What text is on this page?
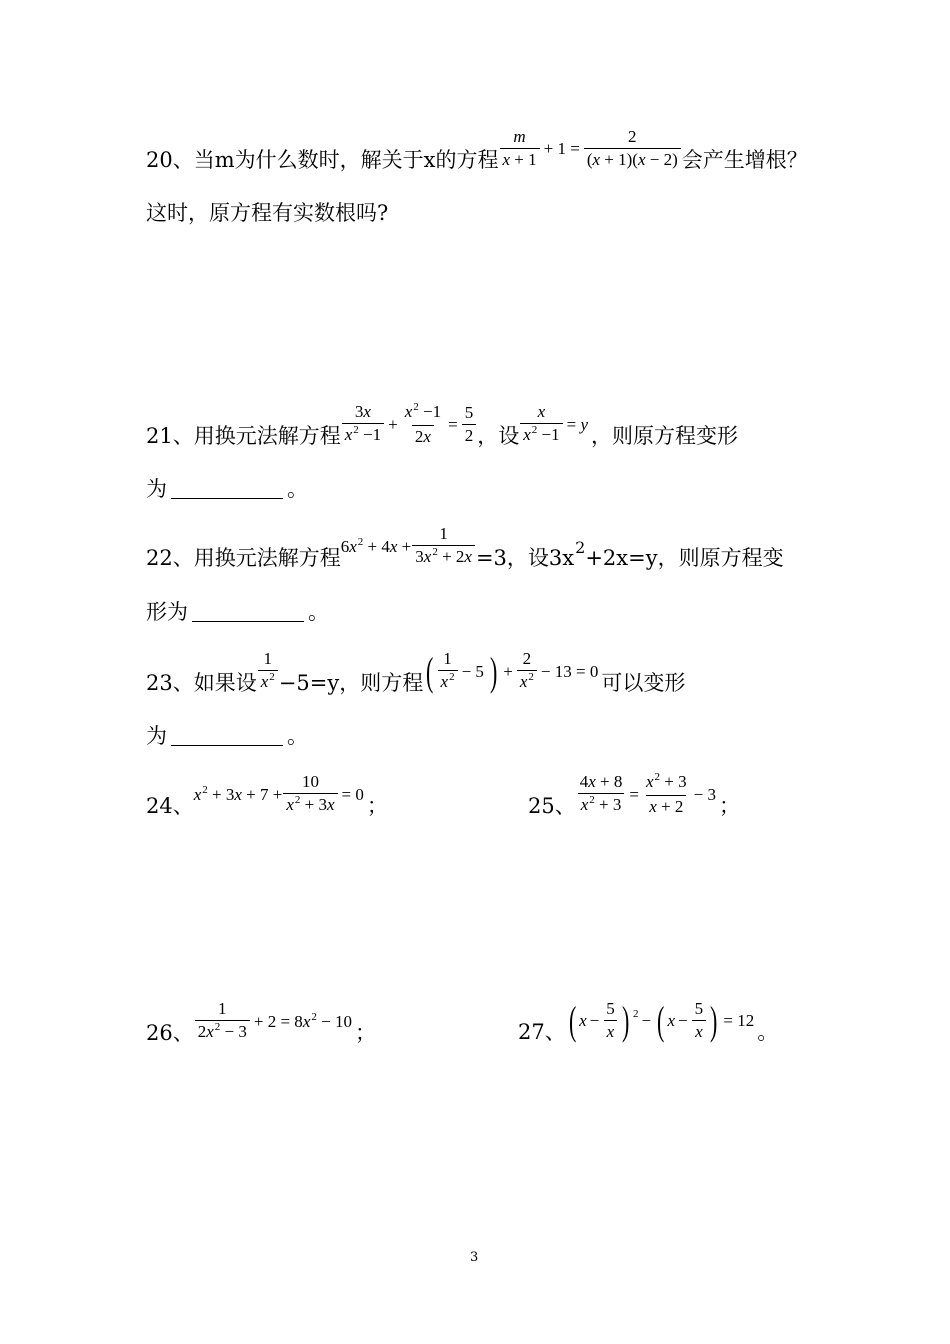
20、 当m为什么数时，解关于x的方程 $\frac{m}{x + 1} + 1 = \frac{2}{(x + 1)(x - 2)}$ 会产生增根？
这时，原方程有实数根吗?
21、 用换元法解方程 $\frac{3x}{x^2 -1} + \frac{x^2 -1}{2x} = \frac{5}{2}$ ，设 $\frac{x}{x^2 -1} = y$ ，则原方程变形
为	。
22、 用换元法解方程 $6x^2 + 4x + \frac{1}{3x^2 + 2x} =3$，设3x 2 +2x=y，则原方程变
形为	。
23、 如果设 $\frac{1}{x^2} -5=y$，则方程 ( $\frac{1}{x^2} - 5$ ) + $\frac{2}{x^2} - 13 = 0$ 可以变形
为	。
24、 $x^2 + 3x + 7 + \frac{10}{x^2 + 3x} = 0$ ；	25、 $\frac{4x + 8}{x^2 + 3} = \frac{x^2 + 3}{x + 2} - 3$ ；
26、 $\frac{1}{2x^2 - 3} + 2 = 8x^2 - 10$ ；	27、 ( $x - \frac{5}{x}$ ) 2 − ( $x - \frac{5}{x}$ ) = 12 。
3
